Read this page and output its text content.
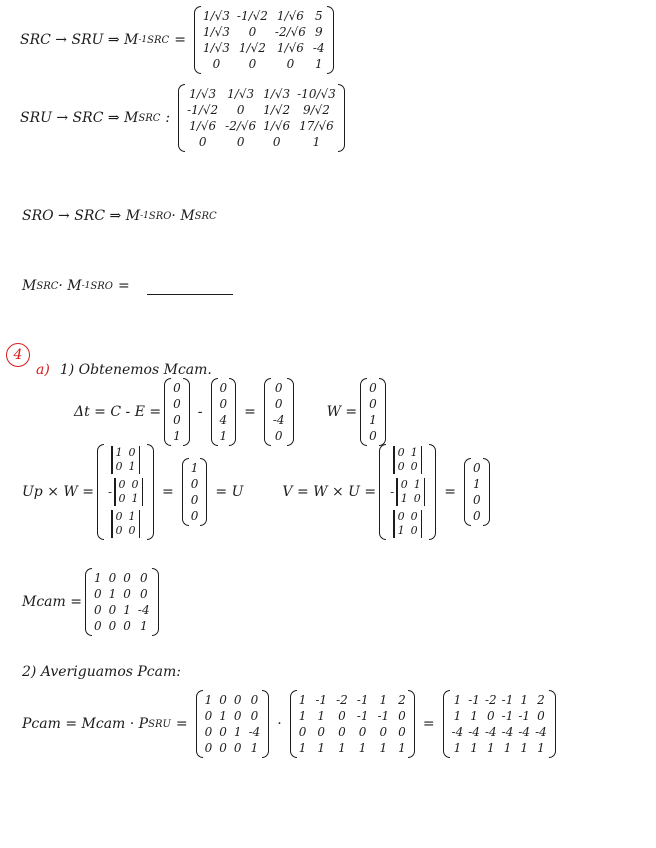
SRC → SRU ⇒ M -1 SRC =
1/√3 -1/√2 1/√6 5
1/√3	0	-2/√6 9
1/√3 1/√2 1/√6 -4
0	0	0	1
SRU → SRC ⇒ M SRC :
1/√3 1/√3 1/√3 -10/√3
-1/√2	0	1/√2	9/√2
1/√6 -2/√6 1/√6 17/√6
0	0	0	1
SRO → SRC ⇒ M -1 SRO · M SRC
M SRC · M -1 SRO =
4
a) 1) Obtenemos Mcam.
Δt = C - E =
0
0
0
1
-
0
0
4
1
=
0
0
-4
0
W =
0
0
1
0
Up × W =
1 0
0 1
-
0 0
0 1
0 1
0 0
=
1
0
0
0
= U	V = W × U =
0 1
0 0
-
0 1
1 0
0 0
1 0
=
0
1
0
0
Mcam =
1 0 0 0
0 1 0 0
0 0 1 -4
0 0 0 1
2) Averiguamos Pcam:
Pcam = Mcam · P SRU =
1 0 0 0
0 1 0 0
0 0 1 -4
0 0 0 1
·
1 -1 -2 -1 1 2
1 1 0 -1 -1 0
0 0 0 0 0 0
1 1 1 1 1 1
=
1 -1 -2 -1 1 2
1 1 0 -1 -1 0
-4 -4 -4 -4 -4 -4
1 1 1 1 1 1
